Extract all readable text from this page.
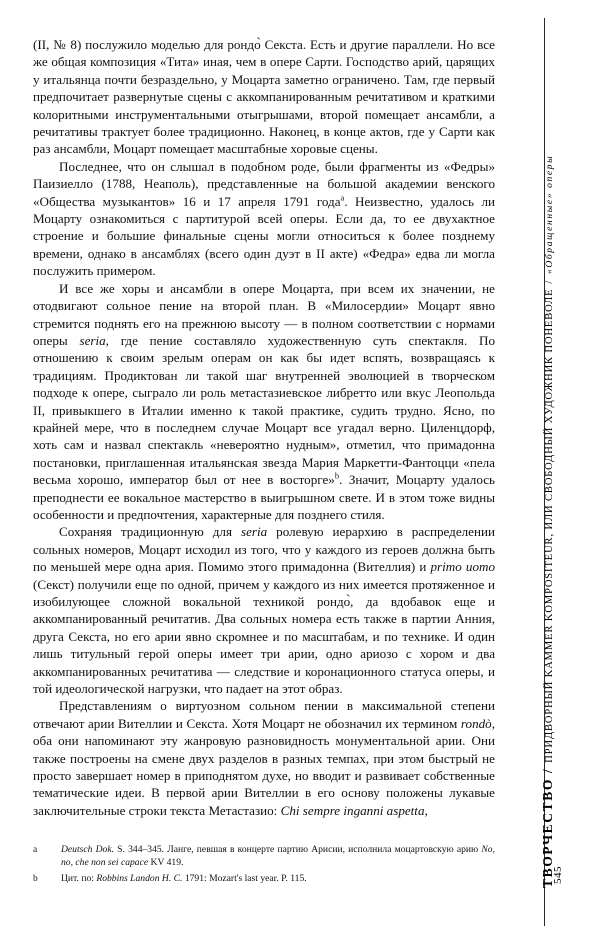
(II, № 8) послужило моделью для рондо̀ Секста. Есть и другие параллели. Но все же общая композиция «Тита» иная, чем в опере Сарти. Господство арий, царящих у итальянца почти безраздельно, у Моцарта заметно ограничено. Там, где первый предпочитает развернутые сцены с аккомпанированным речитативом и краткими колоритными инструментальными отыгрышами, второй помещает ансамбли, а речитативы трактует более традиционно. Наконец, в конце актов, где у Сарти как раз ансамбли, Моцарт помещает масштабные хоровые сцены.

Последнее, что он слышал в подобном роде, были фрагменты из «Федры» Паизиелло (1788, Неаполь), представленные на большой академии венского «Общества музыкантов» 16 и 17 апреля 1791 года$^a$. Неизвестно, удалось ли Моцарту ознакомиться с партитурой всей оперы. Если да, то ее двухактное строение и большие финальные сцены могли относиться к более позднему времени, однако в ансамблях (всего один дуэт в II акте) «Федра» едва ли могла послужить примером.

И все же хоры и ансамбли в опере Моцарта, при всем их значении, не отодвигают сольное пение на второй план. В «Милосердии» Моцарт явно стремится поднять его на прежнюю высоту — в полном соответствии с нормами оперы seria, где пение составляло художественную суть спектакля. По отношению к своим зрелым операм он как бы идет вспять, возвращаясь к традициям. Продиктован ли такой шаг внутренней эволюцией в творческом подходе к опере, сыграло ли роль метастазиевское либретто или вкус Леопольда II, привыкшего в Италии именно к такой практике, судить трудно. Ясно, по крайней мере, что в последнем случае Моцарт все угадал верно. Циленцдорф, хоть сам и назвал спектакль «невероятно нудным», отметил, что примадонна постановки, приглашенная итальянская звезда Мария Маркетти-Фантоцци «пела весьма хорошо, император был от нее в восторге»$^b$. Значит, Моцарту удалось преподнести ее вокальное мастерство в выигрышном свете. И в этом тоже видны особенности и предпочтения, характерные для позднего стиля.

Сохраняя традиционную для seria ролевую иерархию в распределении сольных номеров, Моцарт исходил из того, что у каждого из героев должна быть по меньшей мере одна ария. Помимо этого примадонна (Вителлия) и primo uomo (Секст) получили еще по одной, причем у каждого из них имеется протяженное и изобилующее сложной вокальной техникой рондо̀, да вдобавок еще и аккомпанированный речитатив. Два сольных номера есть также в партии Анния, друга Секста, но его арии явно скромнее и по масштабам, и по технике. И один лишь титульный герой оперы имеет три арии, одно ариозо с хором и два аккомпанированных речитатива — следствие и коронационного статуса оперы, и той идеологической нагрузки, что падает на этот образ.

Представлениям о виртуозном сольном пении в максимальной степени отвечают арии Вителлии и Секста. Хотя Моцарт не обозначил их термином rondò, оба они напоминают эту жанровую разновидность монументальной арии. Они также построены на смене двух разделов в разных темпах, при этом быстрый не просто завершает номер в приподнятом духе, но вводит и развивает собственные тематические идеи. В первой арии Вителлии в его основу положены лукавые заключительные строки текста Метастазио: Chi sempre inganni aspetta,

a	Deutsch Dok. S. 344–345. Ланге, певшая в концерте партию Арисии, исполнила моцартовскую арию No, no, che non sei capace KV 419.
b	Цит. по: Robbins Landon H. C. 1791: Mozart's last year. P. 115.	ТВОРЧЕСТВО / ПРИДВОРНЫЙ KAMMER KOMPOSITEUR, ИЛИ СВОБОДНЫЙ ХУДОЖНИК ПОНЕВОЛЕ / «Обращенные» оперы
545
